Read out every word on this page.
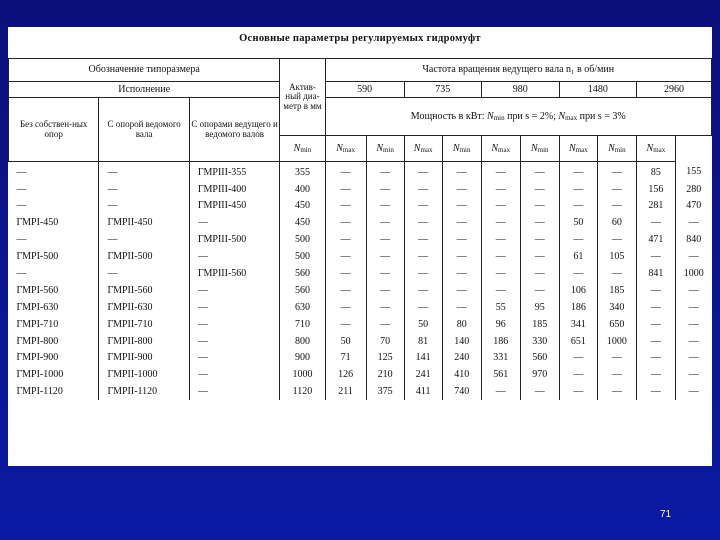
Основные параметры регулируемых гидромуфт
Обозначение типоразмера			Актив-ный диа-метр в мм	Частота вращения ведущего вала n₁ в об/мин									
Исполнение				590		735		980		1480		2960	
Без собствен-ных опор	С опорой ведомого вала	С опорами ведущего и ведомого валов		Мощность в кВт: Nmin при s = 2%; Nmax при s = 3%									
			Nmin	Nmax	Nmin	Nmax	Nmin	Nmax	Nmin	Nmax	Nmin	Nmax	
—	—	ГМРIII-355	355	—	—	—	—	—	—	—	—	85	155
—	—	ГМРIII-400	400	—	—	—	—	—	—	—	—	156	280
—	—	ГМРIII-450	450	—	—	—	—	—	—	—	—	281	470
ГМРI-450	ГМРII-450	—	450	—	—	—	—	—	—	50	60	—	—
—	—	ГМРIII-500	500	—	—	—	—	—	—	—	—	471	840
ГМРI-500	ГМРII-500	—	500	—	—	—	—	—	—	61	105	—	—
—	—	ГМРIII-560	560	—	—	—	—	—	—	—	—	841	1000
ГМРI-560	ГМРII-560	—	560	—	—	—	—	—	—	106	185	—	—
ГМРI-630	ГМРII-630	—	630	—	—	—	—	55	95	186	340	—	—
ГМРI-710	ГМРII-710	—	710	—	—	50	80	96	185	341	650	—	—
ГМРI-800	ГМРII-800	—	800	50	70	81	140	186	330	651	1000	—	—
ГМРI-900	ГМРII-900	—	900	71	125	141	240	331	560	—	—	—	—
ГМРI-1000	ГМРII-1000	—	1000	126	210	241	410	561	970	—	—	—	—
ГМРI-1120	ГМРII-1120	—	1120	211	375	411	740	—	—	—	—	—	—
71
